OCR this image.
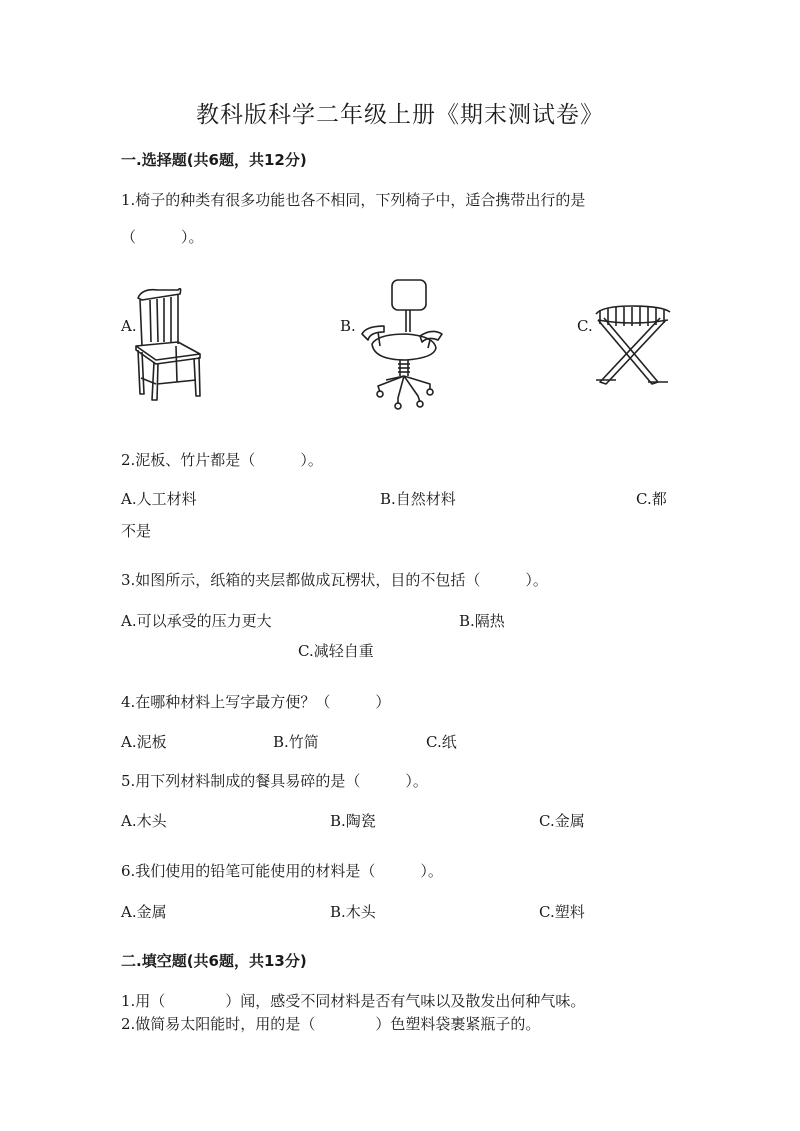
教科版科学二年级上册《期末测试卷》
一.选择题(共6题，共12分)
1.椅子的种类有很多功能也各不相同，下列椅子中，适合携带出行的是
（　　　）。
A.	B.	C.
2.泥板、竹片都是（　　　）。
A.人工材料	B.自然材料	C.都
不是
3.如图所示，纸箱的夹层都做成瓦楞状，目的不包括（　　　）。
A.可以承受的压力更大	B.隔热
C.减轻自重
4.在哪种材料上写字最方便？（　　　）
A.泥板	B.竹简	C.纸
5.用下列材料制成的餐具易碎的是（　　　）。
A.木头	B.陶瓷	C.金属
6.我们使用的铅笔可能使用的材料是（　　　）。
A.金属	B.木头	C.塑料
二.填空题(共6题，共13分)
1.用（　　　　）闻，感受不同材料是否有气味以及散发出何种气味。
2.做简易太阳能时，用的是（　　　　）色塑料袋裹紧瓶子的。
